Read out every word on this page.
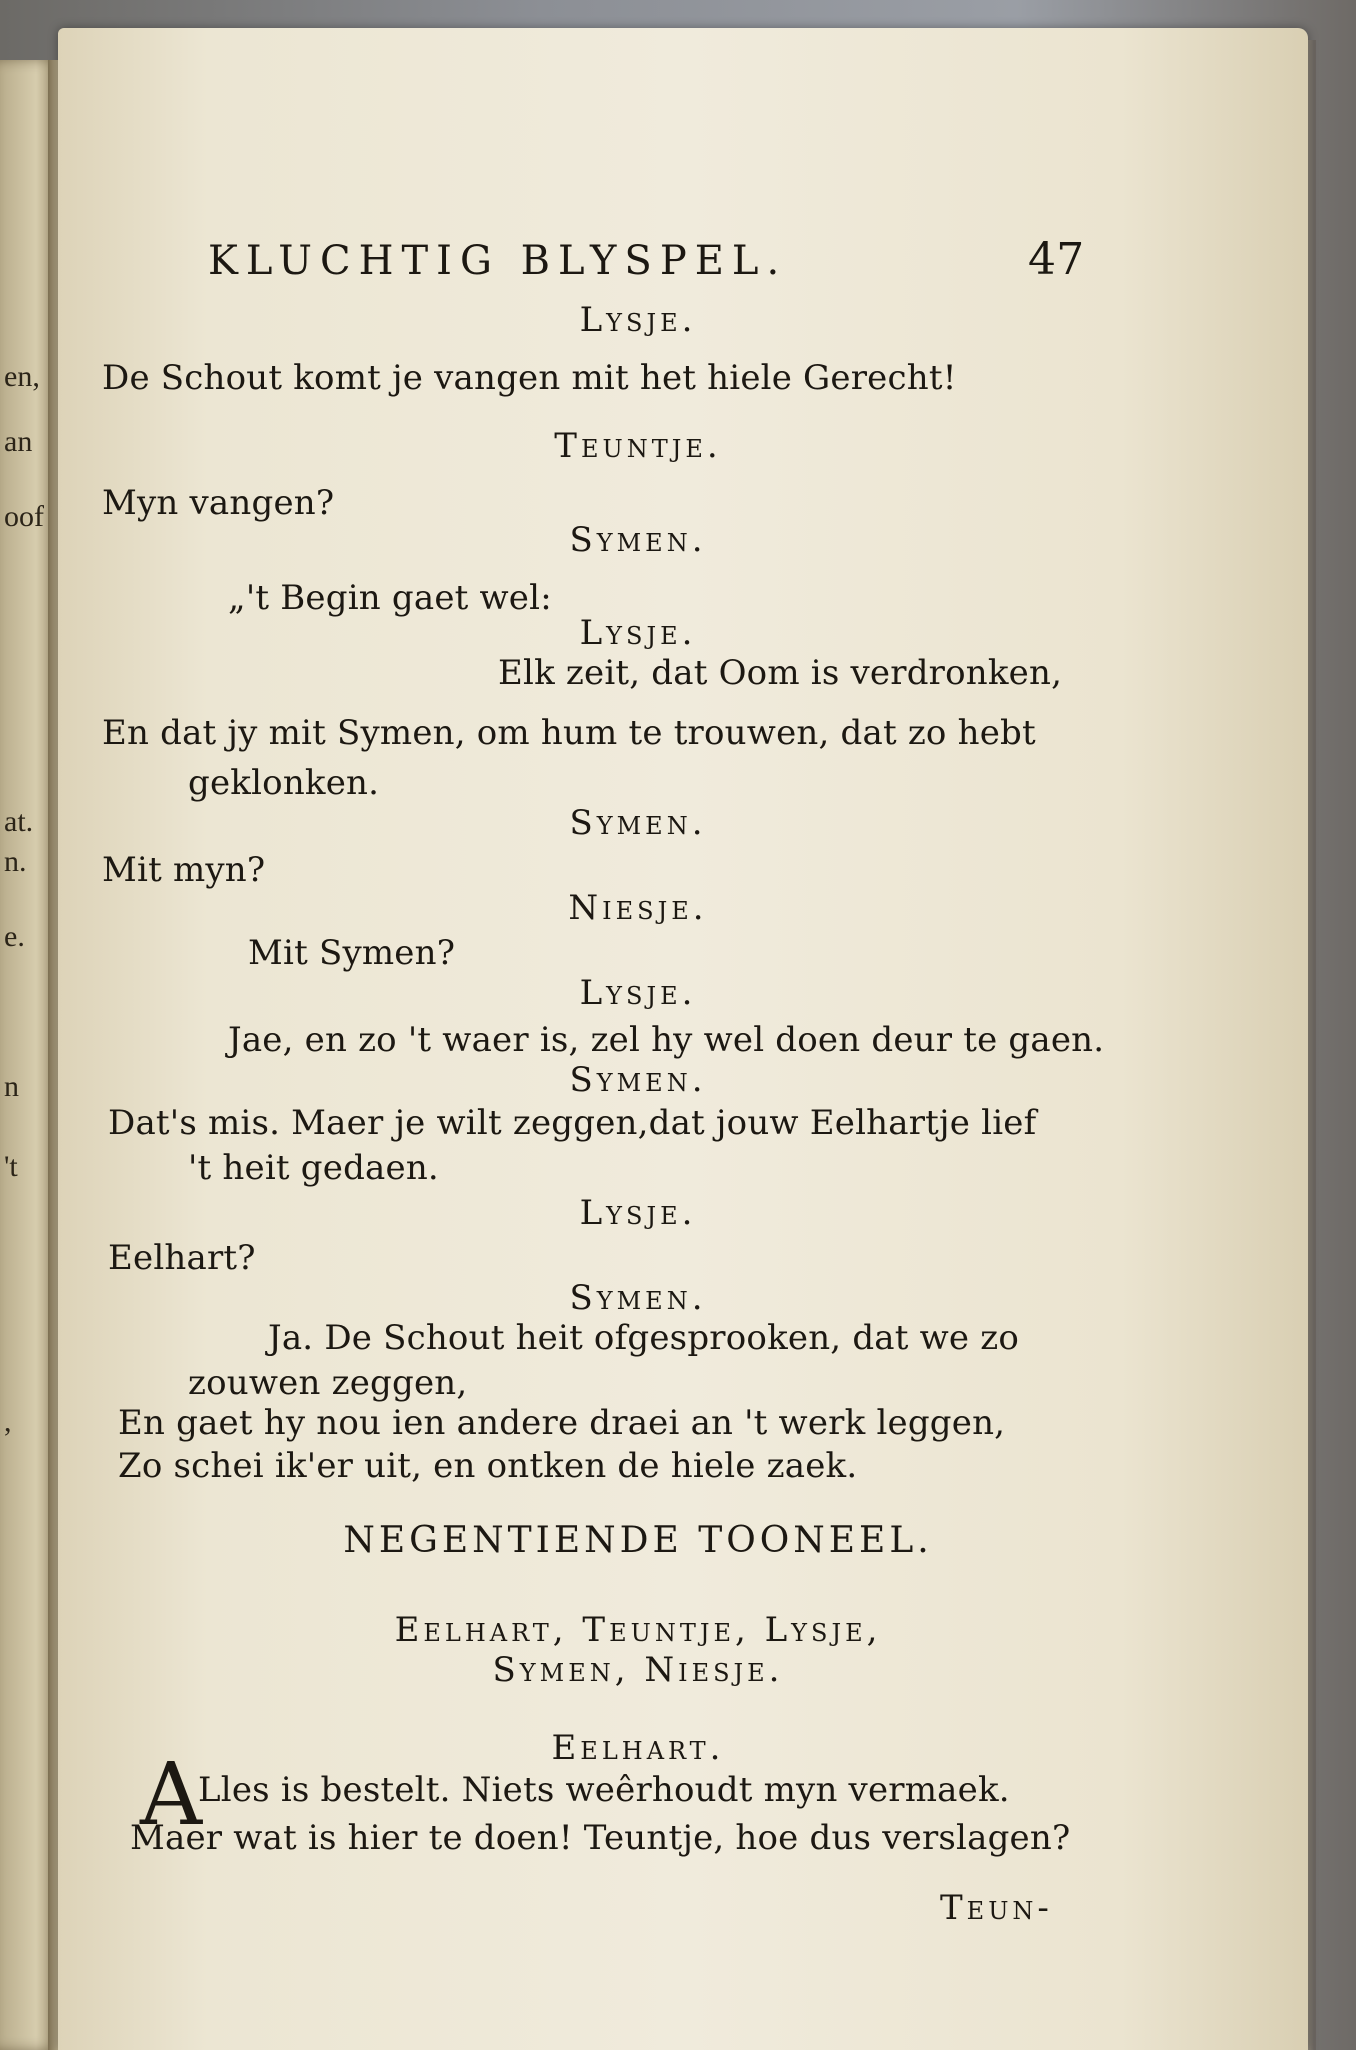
en,
an
oof
at.
n.
e.
n
't
,
KLUCHTIG BLYSPEL.	47
Lysje.
De Schout komt je vangen mit het hiele Gerecht!
Teuntje.
Myn vangen?
Symen.
„'t Begin gaet wel:
Lysje.
Elk zeit, dat Oom is verdronken,
En dat jy mit Symen, om hum te trouwen, dat zo hebt
geklonken.
Symen.
Mit myn?
Niesje.
Mit Symen?
Lysje.
Jae, en zo 't waer is, zel hy wel doen deur te gaen.
Symen.
Dat's mis. Maer je wilt zeggen,dat jouw Eelhartje lief
't heit gedaen.
Lysje.
Eelhart?
Symen.
Ja. De Schout heit ofgesprooken, dat we zo
zouwen zeggen,
En gaet hy nou ien andere draei an 't werk leggen,
Zo schei ik'er uit, en ontken de hiele zaek.
NEGENTIENDE TOONEEL.
Eelhart, Teuntje, Lysje,
Symen, Niesje.
Eelhart.
A
Lles is bestelt. Niets weêrhoudt myn vermaek.
Maer wat is hier te doen! Teuntje, hoe dus verslagen?
Teun-
